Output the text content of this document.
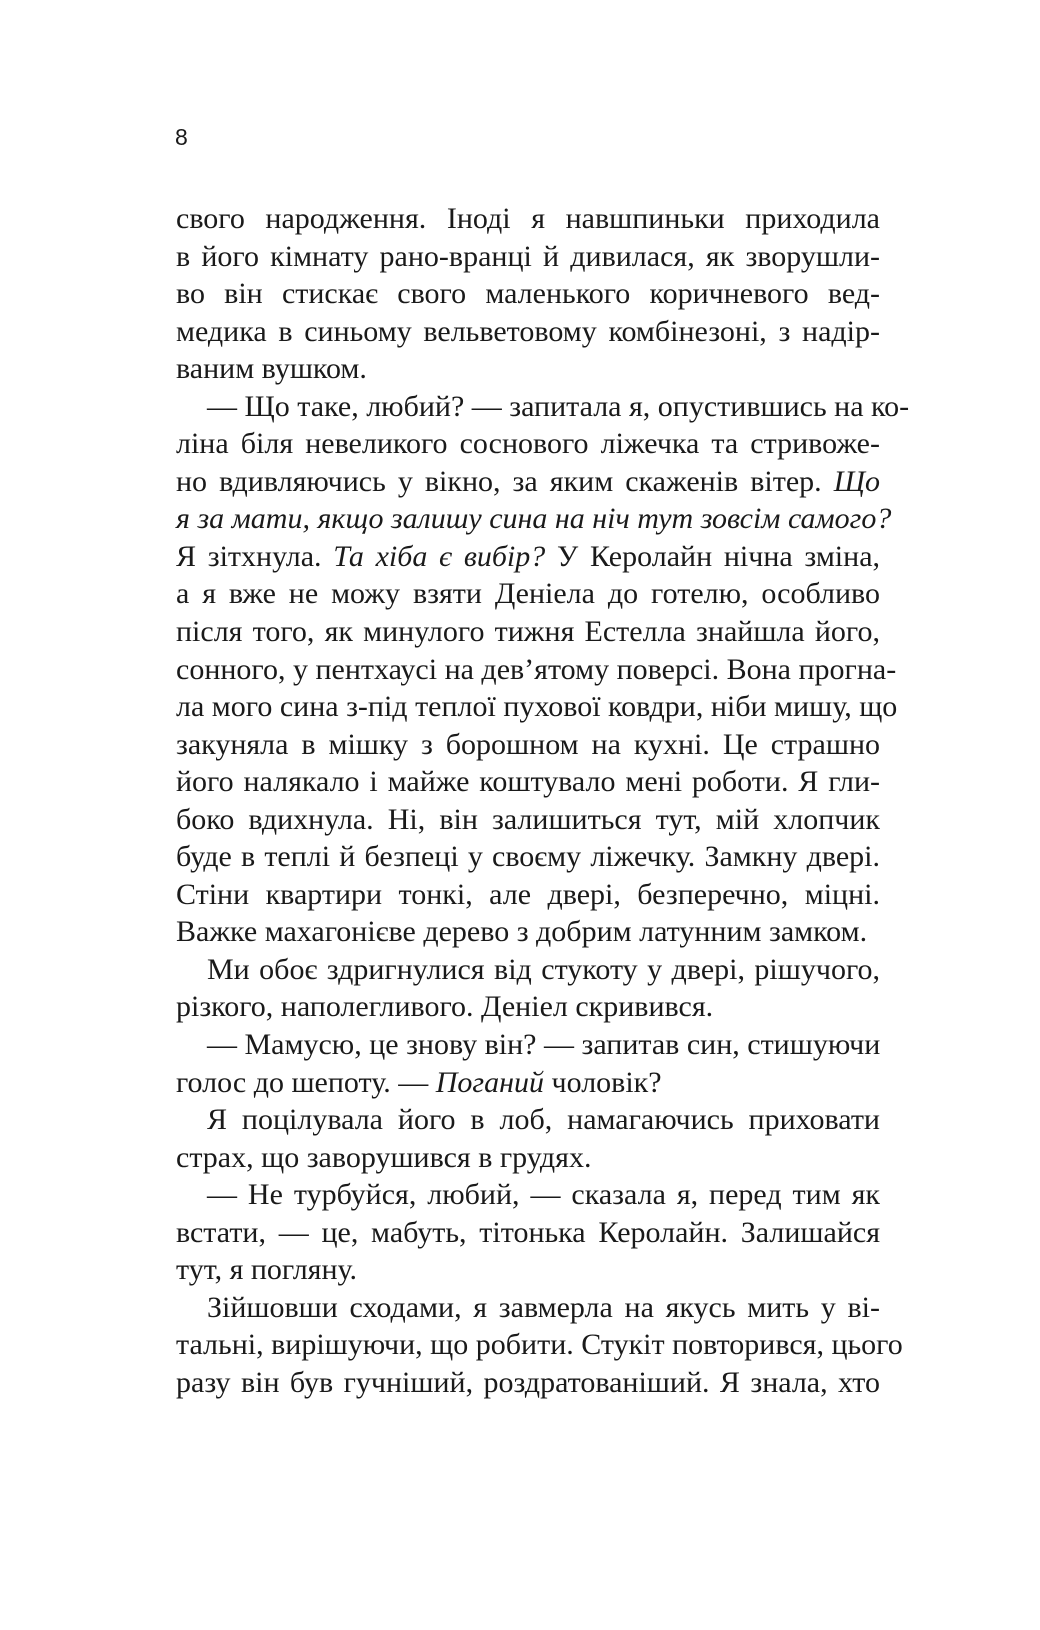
8
свого народження. Іноді я навшпиньки приходила
в його кімнату рано-вранці й дивилася, як зворушли-
во він стискає свого маленького коричневого вед-
медика в синьому вельветовому комбінезоні, з надір-
ваним вушком.
— Що таке, любий? — запитала я, опустившись на ко-
ліна біля невеликого соснового ліжечка та стривоже-
но вдивляючись у вікно, за яким скаженів вітер. Що
я за мати, якщо залишу сина на ніч тут зовсім самого?
Я зітхнула. Та хіба є вибір? У Керолайн нічна зміна,
а я вже не можу взяти Деніела до готелю, особливо
після того, як минулого тижня Естелла знайшла його,
сонного, у пентхаусі на дев’ятому поверсі. Вона прогна-
ла мого сина з-під теплої пухової ковдри, ніби мишу, що
закуняла в мішку з борошном на кухні. Це страшно
його налякало і майже коштувало мені роботи. Я гли-
боко вдихнула. Ні, він залишиться тут, мій хлопчик
буде в теплі й безпеці у своєму ліжечку. Замкну двері.
Стіни квартири тонкі, але двері, безперечно, міцні.
Важке махагонієве дерево з добрим латунним замком.
Ми обоє здригнулися від стукоту у двері, рішучого,
різкого, наполегливого. Деніел скривився.
— Мамусю, це знову він? — запитав син, стишуючи
голос до шепоту. — Поганий чоловік?
Я поцілувала його в лоб, намагаючись приховати
страх, що заворушився в грудях.
— Не турбуйся, любий, — сказала я, перед тим як
встати, — це, мабуть, тітонька Керолайн. Залишайся
тут, я погляну.
Зійшовши сходами, я завмерла на якусь мить у ві-
тальні, вирішуючи, що робити. Стукіт повторився, цього
разу він був гучніший, роздратованіший. Я знала, хто
